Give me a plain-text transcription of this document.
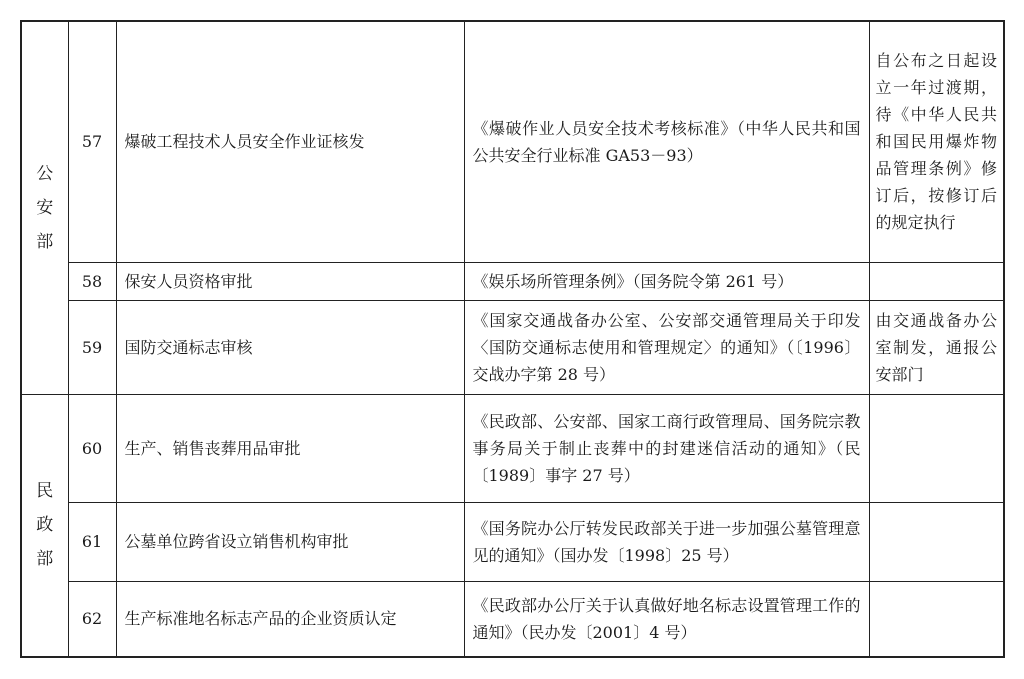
公
安
部	57	爆破工程技术人员安全作业证核发	《爆破作业人员安全技术考核标准》（中华人民共和国公共安全行业标准 GA53－93）	自公布之日起设立一年过渡期，待《中华人民共和国民用爆炸物品管理条例》修订后，按修订后的规定执行
	58	保安人员资格审批	《娱乐场所管理条例》（国务院令第 261 号）	
	59	国防交通标志审核	《国家交通战备办公室、公安部交通管理局关于印发〈国防交通标志使用和管理规定〉的通知》（〔1996〕交战办字第 28 号）	由交通战备办公室制发，通报公安部门

民
政
部	60	生产、销售丧葬用品审批	《民政部、公安部、国家工商行政管理局、国务院宗教事务局关于制止丧葬中的封建迷信活动的通知》（民〔1989〕事字 27 号）	
	61	公墓单位跨省设立销售机构审批	《国务院办公厅转发民政部关于进一步加强公墓管理意见的通知》（国办发〔1998〕25 号）	
	62	生产标准地名标志产品的企业资质认定	《民政部办公厅关于认真做好地名标志设置管理工作的通知》（民办发〔2001〕4 号）	
